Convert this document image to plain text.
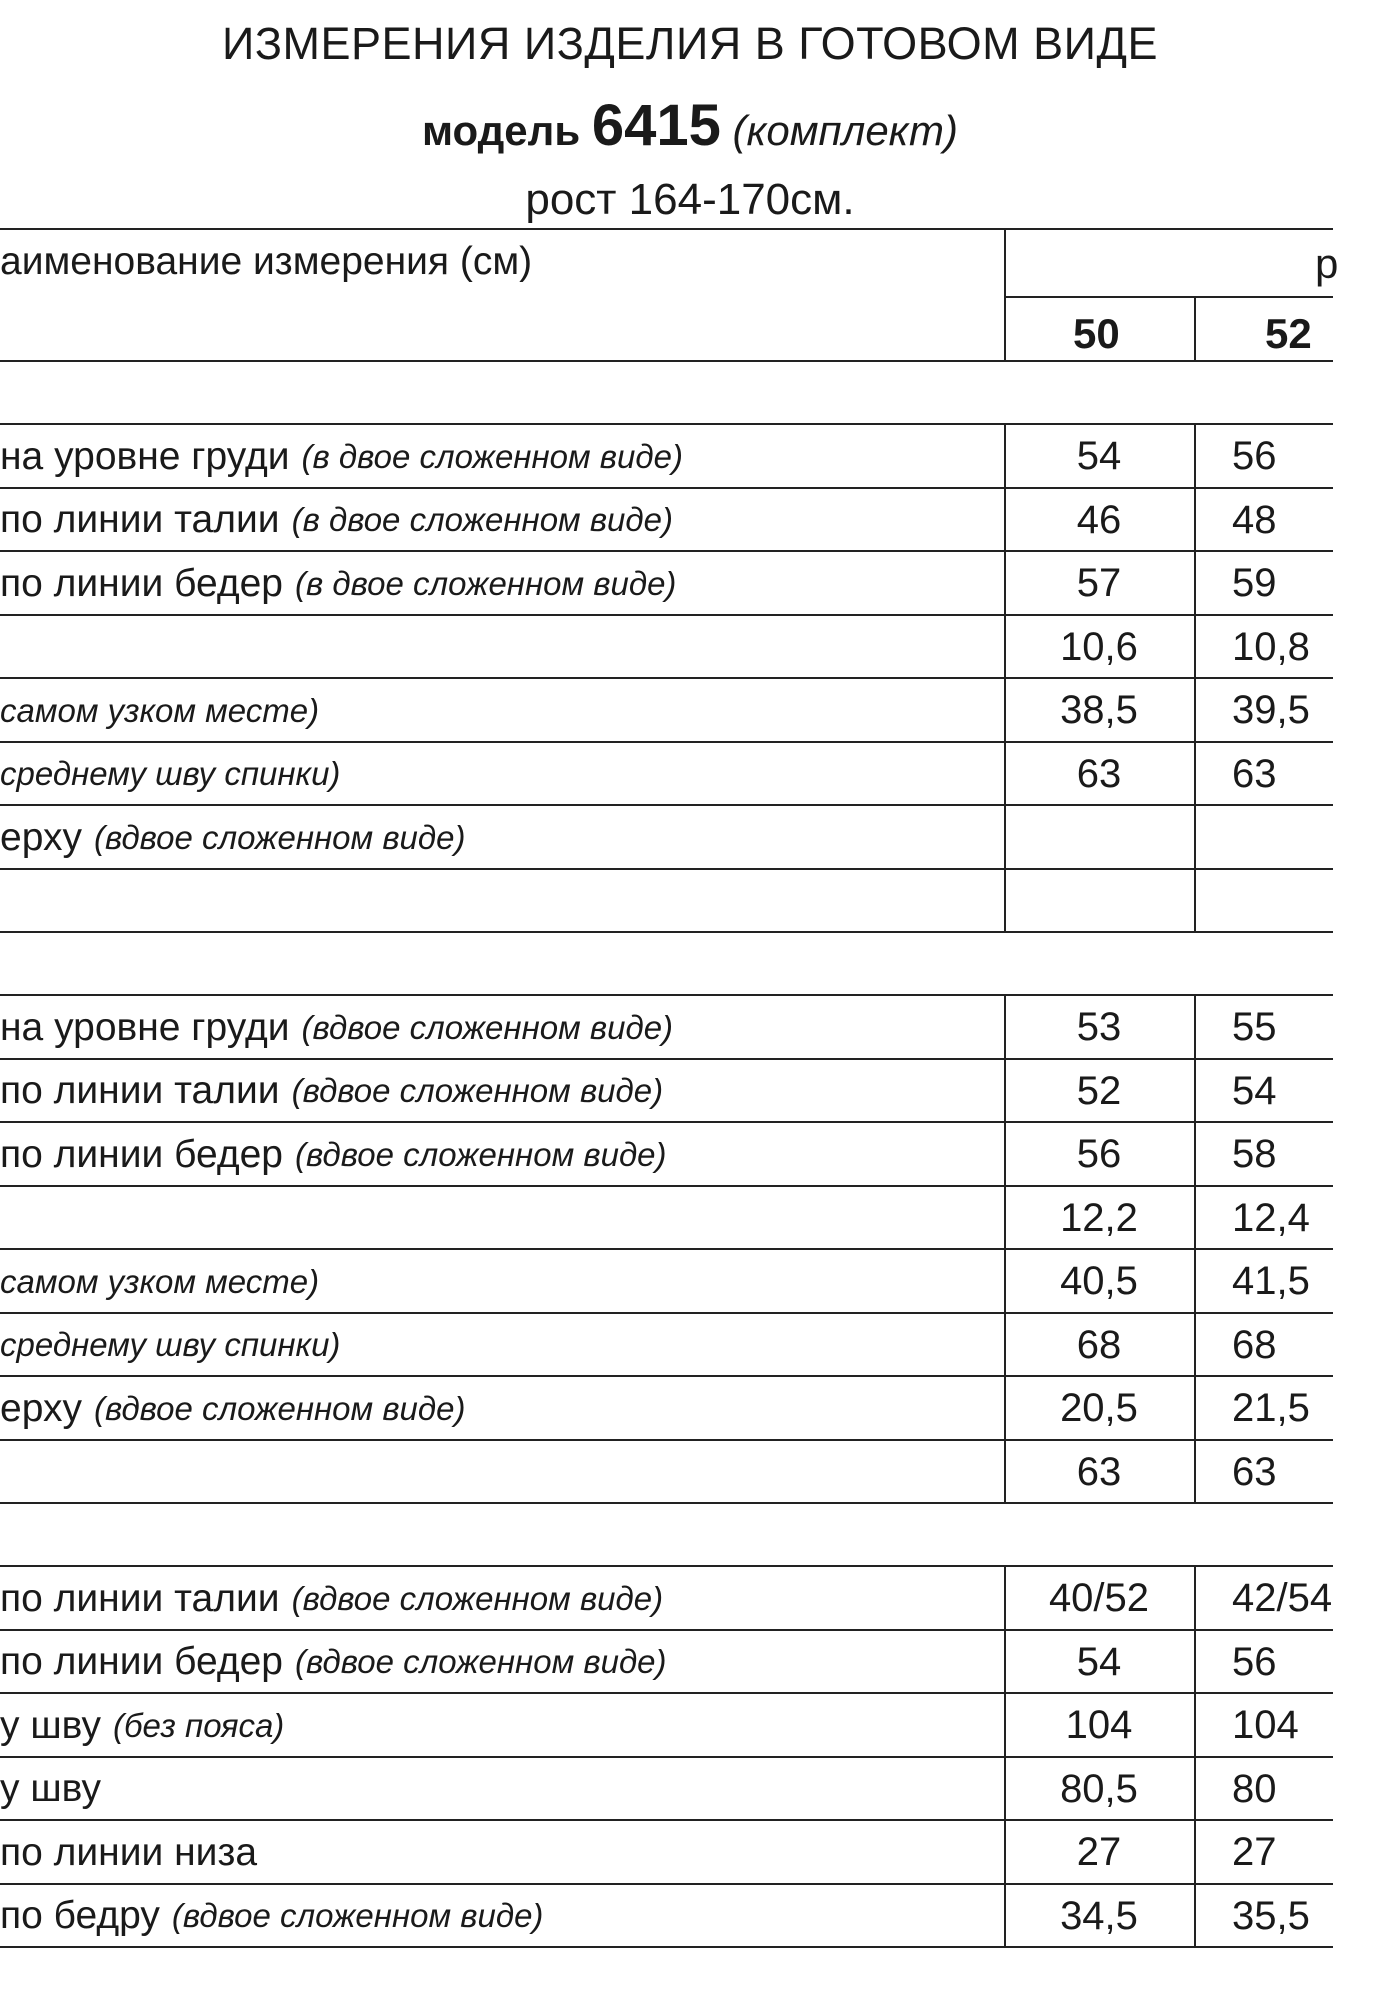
ИЗМЕРЕНИЯ ИЗДЕЛИЯ В ГОТОВОМ ВИДЕ
модель 6415 (комплект)
рост 164-170см.
аименование измерения (см)	р
50	52
на уровне груди (в двое сложенном виде)	54	56
по линии талии (в двое сложенном виде)	46	48
по линии бедер (в двое сложенном виде)	57	59
10,6	10,8
самом узком месте)	38,5	39,5
среднему шву спинки)	63	63
ерху (вдвое сложенном виде)
на уровне груди (вдвое сложенном виде)	53	55
по линии талии (вдвое сложенном виде)	52	54
по линии бедер (вдвое сложенном виде)	56	58
12,2	12,4
самом узком месте)	40,5	41,5
среднему шву спинки)	68	68
ерху (вдвое сложенном виде)	20,5	21,5
63	63
по линии талии (вдвое сложенном виде)	40/52	42/54
по линии бедер (вдвое сложенном виде)	54	56
у шву (без пояса)	104	104
у шву	80,5	80
по линии низа	27	27
по бедру (вдвое сложенном виде)	34,5	35,5
